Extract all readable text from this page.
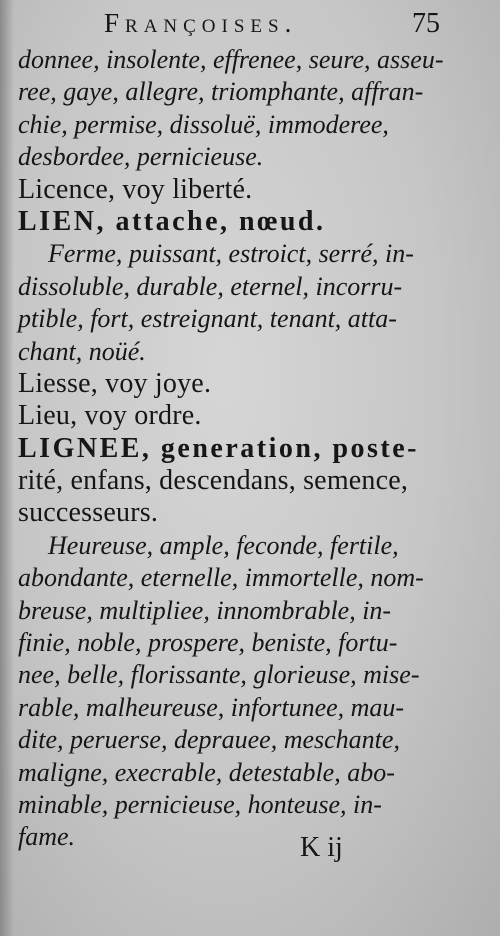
Françoises.	75
donnee, insolente, effrenee, seure, asseu-
ree, gaye, allegre, triomphante, affran-
chie, permise, dissoluë, immoderee,
desbordee, pernicieuse.
Licence, voy liberté.
LIEN, attache, nœud.
Ferme, puissant, estroict, serré, in-
dissoluble, durable, eternel, incorru-
ptible, fort, estreignant, tenant, atta-
chant, noüé.
Liesse, voy joye.
Lieu, voy ordre.
LIGNEE, generation, poste-
rité, enfans, descendans, semence,
successeurs.
Heureuse, ample, feconde, fertile,
abondante, eternelle, immortelle, nom-
breuse, multipliee, innombrable, in-
finie, noble, prospere, beniste, fortu-
nee, belle, florissante, glorieuse, mise-
rable, malheureuse, infortunee, mau-
dite, peruerse, deprauee, meschante,
maligne, execrable, detestable, abo-
minable, pernicieuse, honteuse, in-
fame.	K ij
